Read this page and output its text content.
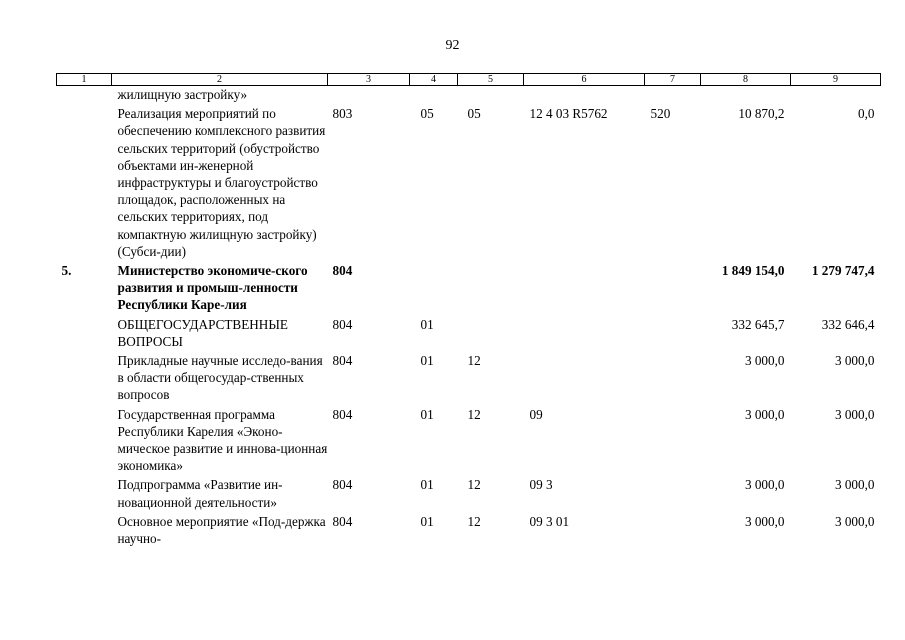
92
1	2	3	4	5	6	7	8	9
	жилищную застройку»							
	Реализация мероприятий по обеспечению комплексного развития сельских территорий (обустройство объектами ин-женерной инфраструктуры и благоустройство площадок, расположенных на сельских территориях, под компактную жилищную застройку) (Субси-дии)	803	05	05	12 4 03 R5762	520	10 870,2	0,0
5.	Министерство экономиче-ского развития и промыш-ленности Республики Каре-лия	804					1 849 154,0	1 279 747,4
	ОБЩЕГОСУДАРСТВЕННЫЕ ВОПРОСЫ	804	01				332 645,7	332 646,4
	Прикладные научные исследо-вания в области общегосудар-ственных вопросов	804	01	12			3 000,0	3 000,0
	Государственная программа Республики Карелия «Эконо-мическое развитие и иннова-ционная экономика»	804	01	12	09		3 000,0	3 000,0
	Подпрограмма «Развитие ин-новационной деятельности»	804	01	12	09 3		3 000,0	3 000,0
	Основное мероприятие «Под-держка научно-	804	01	12	09 3 01		3 000,0	3 000,0
